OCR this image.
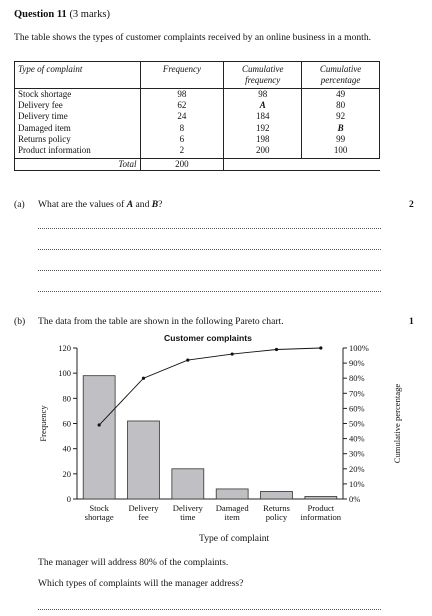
Question 11 (3 marks)
The table shows the types of customer complaints received by an online business in a month.
Type of complaint	Frequency	Cumulative frequency	Cumulative percentage
Stock shortage	98	98	49
Delivery fee	62	A	80
Delivery time	24	184	92
Damaged item	8	192	B
Returns policy	6	198	99
Product information	2	200	100
Total	200		
(a) What are the values of A and B?	2
(b) The data from the table are shown in the following Pareto chart.	1
Customer complaints
0
20
40
60
80
100
120
0%
10%
20%
30%
40%
50%
60%
70%
80%
90%
100%
Stock
shortage
Delivery
fee
Delivery
time
Damaged
item
Returns
policy
Product
information
Frequency	Cumulative percentage
Type of complaint
The manager will address 80% of the complaints.
Which types of complaints will the manager address?
